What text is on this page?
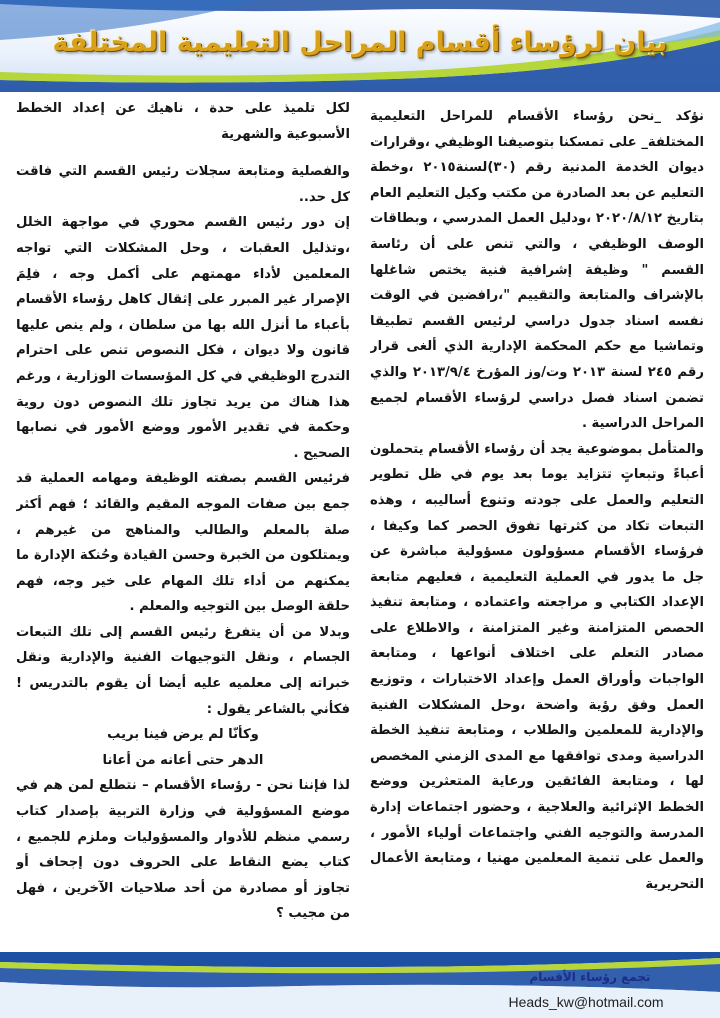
بيان لرؤساء أقسام المراحل التعليمية المختلفة

نؤكد _نحن رؤساء الأقسام للمراحل التعليمية المختلفة_ على تمسكنا بتوصيفنا الوظيفي ،وقرارات ديوان الخدمة المدنية رقم (٣٠)لسنة٢٠١٥ ،وخطة التعليم عن بعد الصادرة من مكتب وكيل التعليم العام بتاريخ ٢٠٢٠/٨/١٢ ،ودليل العمل المدرسي ، وبطاقات الوصف الوظيفي ، والتي تنص على أن رئاسة القسم " وظيفة إشرافية فنية يختص شاغلها بالإشراف والمتابعة والتقييم "،رافضين في الوقت نفسه اسناد جدول دراسي لرئيس القسم تطبيقا وتماشيا مع حكم المحكمة الإدارية الذي ألغى قرار رقم ٢٤٥ لسنة ٢٠١٣ وت/وز المؤرخ ٢٠١٣/٩/٤ والذي تضمن اسناد فصل دراسي لرؤساء الأقسام لجميع المراحل الدراسية .

والمتأمل بموضوعية يجد أن رؤساء الأقسام يتحملون أعباءً وتبعاتٍ تتزايد يوما بعد يوم في ظل تطوير التعليم والعمل على جودته وتنوع أساليبه ، وهذه التبعات تكاد من كثرتها تفوق الحصر كما وكيفا ، فرؤساء الأقسام مسؤولون مسؤولية مباشرة عن جل ما يدور في العملية التعليمية ، فعليهم متابعة الإعداد الكتابي و مراجعته واعتماده ، ومتابعة تنفيذ الحصص المتزامنة وغير المتزامنة ، والاطلاع على مصادر التعلم على اختلاف أنواعها ، ومتابعة الواجبات وأوراق العمل وإعداد الاختبارات ، وتوزيع العمل وفق رؤية واضحة ،وحل المشكلات الفنية والإدارية للمعلمين والطلاب ، ومتابعة تنفيذ الخطة الدراسية ومدى توافقها مع المدى الزمني المخصص لها ، ومتابعة الفائقين ورعاية المتعثرين ووضع الخطط الإثرائية والعلاجية ، وحضور اجتماعات إدارة المدرسة والتوجيه الفني واجتماعات أولياء الأمور ، والعمل على تنمية المعلمين مهنيا ، ومتابعة الأعمال التحريرية

لكل تلميذ على حدة ، ناهيك عن إعداد الخطط الأسبوعية والشهرية

والفصلية ومتابعة سجلات رئيس القسم التي فاقت كل حد..

إن دور رئيس القسم محوري في مواجهة الخلل ،وتذليل العقبات ، وحل المشكلات التي تواجه المعلمين لأداء مهمتهم على أكمل وجه ، فلِمَ الإصرار غير المبرر على إثقال كاهل رؤساء الأقسام بأعباء ما أنزل الله بها من سلطان ، ولم ينص عليها قانون ولا ديوان ، فكل النصوص تنص على احترام التدرج الوظيفي في كل المؤسسات الوزارية ، ورغم هذا هناك من يريد تجاوز تلك النصوص دون روية وحكمة في تقدير الأمور ووضع الأمور في نصابها الصحيح .

فرئيس القسم بصفته الوظيفة ومهامه العملية قد جمع بين صفات الموجه المقيم والقائد ؛ فهم أكثر صلة بالمعلم والطالب والمناهج من غيرهم ، ويمتلكون من الخبرة وحسن القيادة وحُنكة الإدارة ما يمكنهم من أداء تلك المهام على خير وجه، فهم حلقة الوصل بين التوجيه والمعلم .

وبدلا من أن يتفرغ رئيس القسم إلى تلك التبعات الجسام ، ونقل التوجيهات الفنية والإدارية ونقل خبراته إلى معلميه عليه أيضا أن يقوم بالتدريس ! فكأني بالشاعر يقول :

وكأنّا لم يرض فينا بريب

الدهر حتى أعانه من أعانا

لذا فإننا نحن - رؤساء الأقسام – نتطلع لمن هم في موضع المسؤولية في وزارة التربية بإصدار كتاب رسمي منظم للأدوار والمسؤوليات وملزم للجميع ، كتاب يضع النقاط على الحروف دون إجحاف أو تجاوز أو مصادرة من أحد صلاحيات الآخرين ، فهل من مجيب ؟

تجمع رؤساء الأقسام
Heads_kw@hotmail.com
